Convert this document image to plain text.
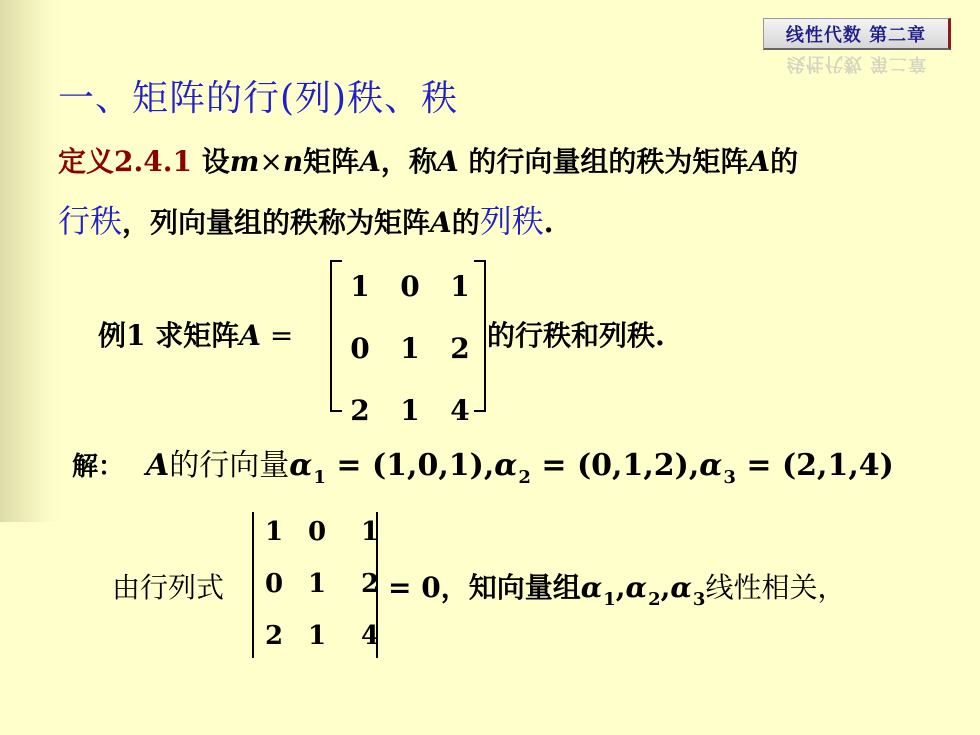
线性代数 第二章
线性代数 第二章
一、矩阵的行(列)秩、秩
定义2.4.1 设m×n矩阵A，称A 的行向量组的秩为矩阵A的
行秩，列向量组的秩称为矩阵A的列秩.
例1 求矩阵A =
1	0	1
0	1	2
2	1	4
的行秩和列秩.
解： A的行向量$\alpha_1 = (1,0,1),\alpha_2 = (0,1,2),\alpha_3 = (2,1,4)$
由行列式
1 0	1
0 1	2
2 1	4
= 0，知向量组$\alpha_1,\alpha_2,\alpha_3$线性相关，
